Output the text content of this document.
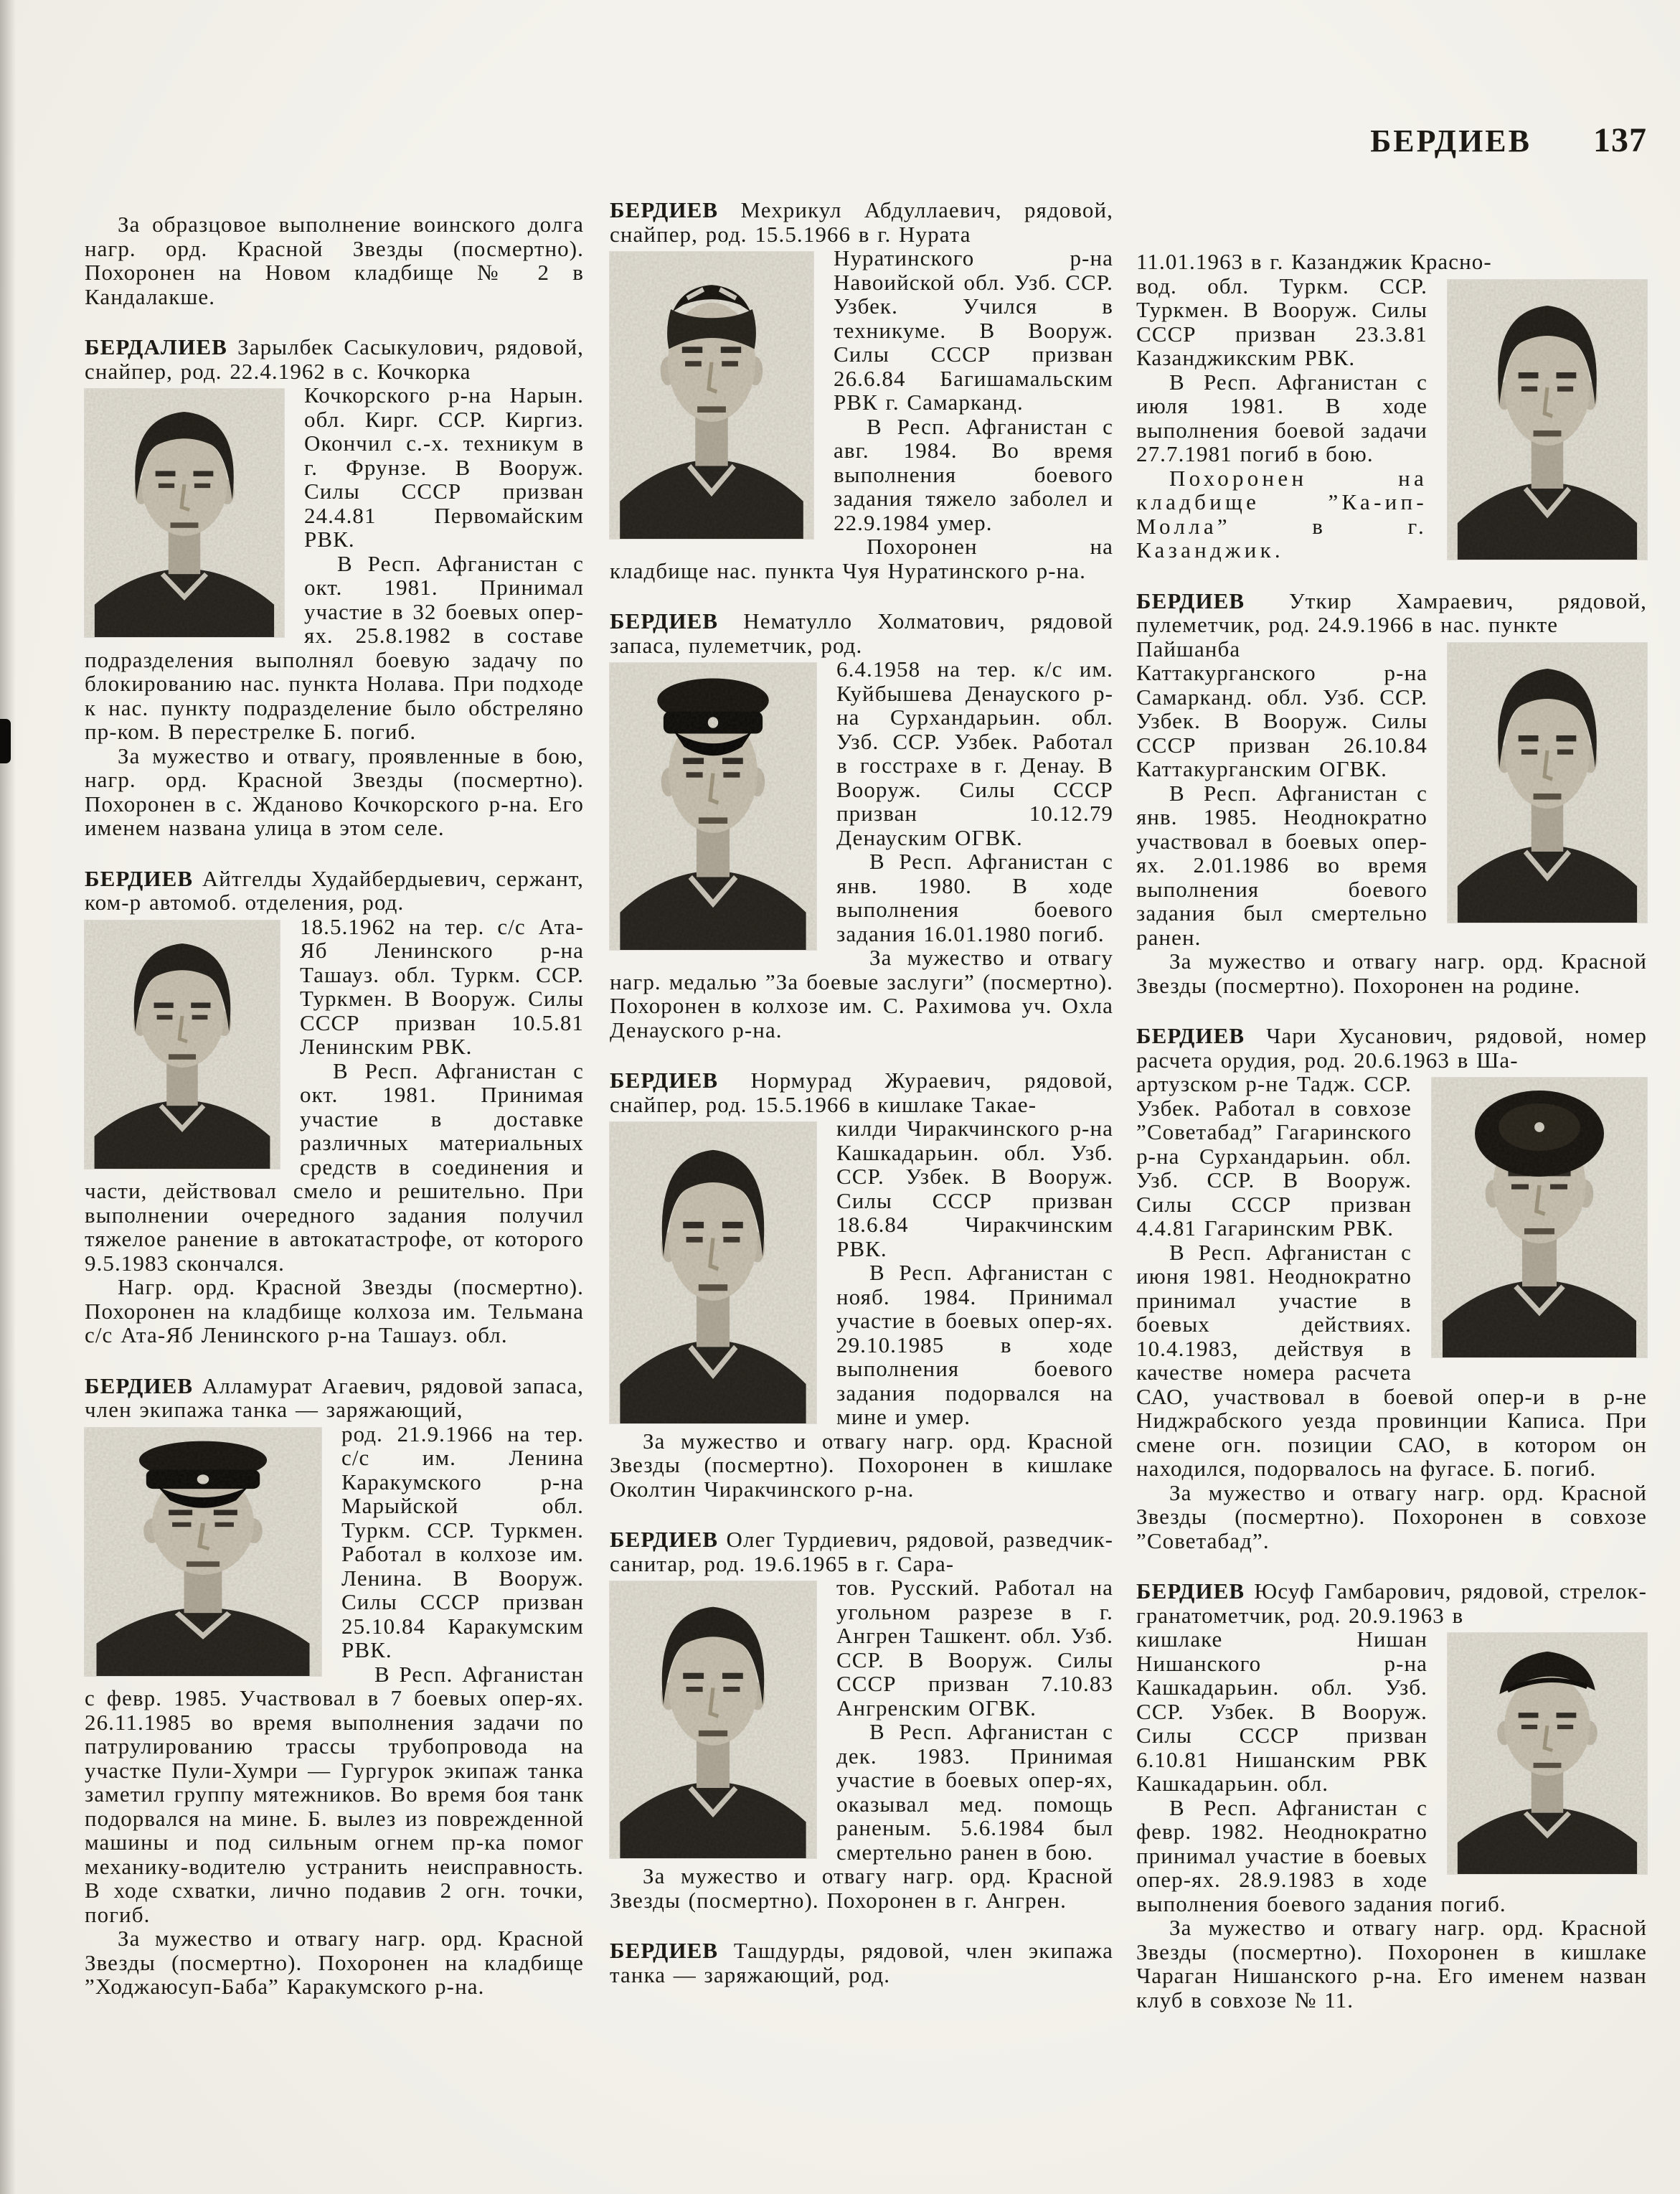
БЕРДИЕВ 137

За образцовое выполнение воинского долга нагр. орд. Красной Звезды (посмертно). Похоронен на Новом кладбище № 2 в Кандалакше.

БЕРДАЛИЕВ Зарылбек Сасыкулович, рядовой, снайпер, род. 22.4.1962 в с. Кочкорка

Кочкорского р-на Нарын. обл. Кирг. ССР. Киргиз. Окончил с.-х. техникум в г. Фрунзе. В Вооруж. Силы СССР призван 24.4.81 Первомайским РВК.

В Респ. Афганистан с окт. 1981. Принимал участие в 32 боевых опер-ях. 25.8.1982 в составе подразделения выполнял боевую задачу по блокированию нас. пункта Нолава. При подходе к нас. пункту подразделение было обстреляно пр-ком. В перестрелке Б. погиб.

За мужество и отвагу, проявленные в бою, нагр. орд. Красной Звезды (посмертно). Похоронен в с. Жданово Кочкорского р-на. Его именем названа улица в этом селе.

БЕРДИЕВ Айтгелды Худайбердыевич, сержант, ком-р автомоб. отделения, род.

18.5.1962 на тер. с/с Ата-Яб Ленинского р-на Ташауз. обл. Туркм. ССР. Туркмен. В Вооруж. Силы СССР призван 10.5.81 Ленинским РВК.

В Респ. Афганистан с окт. 1981. Принимая участие в доставке различных материальных средств в соединения и части, действовал смело и решительно. При выполнении очередного задания получил тяжелое ранение в автокатастрофе, от которого 9.5.1983 скончался.

Нагр. орд. Красной Звезды (посмертно). Похоронен на кладбище колхоза им. Тельмана с/с Ата-Яб Ленинского р-на Ташауз. обл.

БЕРДИЕВ Алламурат Агаевич, рядовой запаса, член экипажа танка — заряжающий,

род. 21.9.1966 на тер. с/с им. Ленина Каракумского р-на Марыйской обл. Туркм. ССР. Туркмен. Работал в колхозе им. Ленина. В Вооруж. Силы СССР призван 25.10.84 Каракумским РВК.

В Респ. Афганистан с февр. 1985. Участвовал в 7 боевых опер-ях. 26.11.1985 во время выполнения задачи по патрулированию трассы трубопровода на участке Пули-Хумри — Гургурок экипаж танка заметил группу мятежников. Во время боя танк подорвался на мине. Б. вылез из поврежденной машины и под сильным огнем пр-ка помог механику-водителю устранить неисправность. В ходе схватки, лично подавив 2 огн. точки, погиб.

За мужество и отвагу нагр. орд. Красной Звезды (посмертно). Похоронен на кладбище ”Ходжаюсуп-Баба” Каракумского р-на.

БЕРДИЕВ Мехрикул Абдуллаевич, рядовой, снайпер, род. 15.5.1966 в г. Нурата

Нуратинского р-на Навоийской обл. Узб. ССР. Узбек. Учился в техникуме. В Вооруж. Силы СССР призван 26.6.84 Багишамальским РВК г. Самарканд.

В Респ. Афганистан с авг. 1984. Во время выполнения боевого задания тяжело заболел и 22.9.1984 умер.

Похоронен на кладбище нас. пункта Чуя Нуратинского р-на.

БЕРДИЕВ Нематулло Холматович, рядовой запаса, пулеметчик, род.

6.4.1958 на тер. к/с им. Куйбышева Денауского р-на Сурхандарьин. обл. Узб. ССР. Узбек. Работал в госстрахе в г. Денау. В Вооруж. Силы СССР призван 10.12.79 Денауским ОГВК.

В Респ. Афганистан с янв. 1980. В ходе выполнения боевого задания 16.01.1980 погиб.

За мужество и отвагу нагр. медалью ”За боевые заслуги” (посмертно). Похоронен в колхозе им. С. Рахимова уч. Охла Денауского р-на.

БЕРДИЕВ Нормурад Жураевич, рядовой, снайпер, род. 15.5.1966 в кишлаке Такае-

килди Чиракчинского р-на Кашкадарьин. обл. Узб. ССР. Узбек. В Вооруж. Силы СССР призван 18.6.84 Чиракчинским РВК.

В Респ. Афганистан с нояб. 1984. Принимал участие в боевых опер-ях. 29.10.1985 в ходе выполнения боевого задания подорвался на мине и умер.

За мужество и отвагу нагр. орд. Красной Звезды (посмертно). Похоронен в кишлаке Околтин Чиракчинского р-на.

БЕРДИЕВ Олег Турдиевич, рядовой, разведчик-санитар, род. 19.6.1965 в г. Сара-

тов. Русский. Работал на угольном разрезе в г. Ангрен Ташкент. обл. Узб. ССР. В Вооруж. Силы СССР призван 7.10.83 Ангренским ОГВК.

В Респ. Афганистан с дек. 1983. Принимая участие в боевых опер-ях, оказывал мед. помощь раненым. 5.6.1984 был смертельно ранен в бою.

За мужество и отвагу нагр. орд. Красной Звезды (посмертно). Похоронен в г. Ангрен.

БЕРДИЕВ Ташдурды, рядовой, член экипажа танка — заряжающий, род.

11.01.1963 в г. Казанджик Красно-

вод. обл. Туркм. ССР. Туркмен. В Вооруж. Силы СССР призван 23.3.81 Казанджикским РВК.

В Респ. Афганистан с июля 1981. В ходе выполнения боевой задачи 27.7.1981 погиб в бою.

Похоронен на кладбище ”Ка-ип-Молла” в г. Казанджик.

БЕРДИЕВ Уткир Хамраевич, рядовой, пулеметчик, род. 24.9.1966 в нас. пункте

Пайшанба Каттакурганского р-на Самарканд. обл. Узб. ССР. Узбек. В Вооруж. Силы СССР призван 26.10.84 Каттакурганским ОГВК.

В Респ. Афганистан с янв. 1985. Неоднократно участвовал в боевых опер-ях. 2.01.1986 во время выполнения боевого задания был смертельно ранен.

За мужество и отвагу нагр. орд. Красной Звезды (посмертно). Похоронен на родине.

БЕРДИЕВ Чари Хусанович, рядовой, номер расчета орудия, род. 20.6.1963 в Ша-

артузском р-не Тадж. ССР. Узбек. Работал в совхозе ”Советабад” Гагаринского р-на Сурхандарьин. обл. Узб. ССР. В Вооруж. Силы СССР призван 4.4.81 Гагаринским РВК.

В Респ. Афганистан с июня 1981. Неоднократно принимал участие в боевых действиях. 10.4.1983, действуя в качестве номера расчета САО, участвовал в боевой опер-и в р-не Ниджрабского уезда провинции Каписа. При смене огн. позиции САО, в котором он находился, подорвалось на фугасе. Б. погиб.

За мужество и отвагу нагр. орд. Красной Звезды (посмертно). Похоронен в совхозе ”Советабад”.

БЕРДИЕВ Юсуф Гамбарович, рядовой, стрелок-гранатометчик, род. 20.9.1963 в

кишлаке Нишан Нишанского р-на Кашкадарьин. обл. Узб. ССР. Узбек. В Вооруж. Силы СССР призван 6.10.81 Нишанским РВК Кашкадарьин. обл.

В Респ. Афганистан с февр. 1982. Неоднократно принимал участие в боевых опер-ях. 28.9.1983 в ходе выполнения боевого задания погиб.

За мужество и отвагу нагр. орд. Красной Звезды (посмертно). Похоронен в кишлаке Чараган Нишанского р-на. Его именем назван клуб в совхозе № 11.
